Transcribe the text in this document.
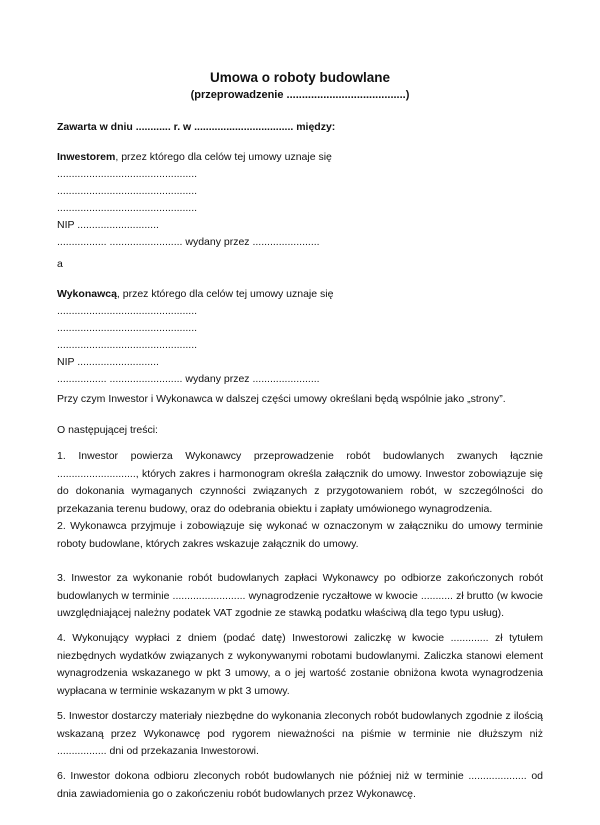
Umowa o roboty budowlane
(przeprowadzenie .......................................)
Zawarta w dniu ............ r. w .................................. między:
Inwestorem, przez którego dla celów tej umowy uznaje się
................................................
................................................
................................................
NIP ............................
................. ......................... wydany przez .......................
a
Wykonawcą, przez którego dla celów tej umowy uznaje się
................................................
................................................
................................................
NIP ............................
................. ......................... wydany przez .......................
Przy czym Inwestor i Wykonawca w dalszej części umowy określani będą wspólnie jako „strony”.
O następującej treści:
1. Inwestor powierza Wykonawcy przeprowadzenie robót budowlanych zwanych łącznie ..........................., których zakres i harmonogram określa załącznik do umowy. Inwestor zobowiązuje się do dokonania wymaganych czynności związanych z przygotowaniem robót, w szczególności do przekazania terenu budowy, oraz do odebrania obiektu i zapłaty umówionego wynagrodzenia.
2. Wykonawca przyjmuje i zobowiązuje się wykonać w oznaczonym w załączniku do umowy terminie roboty budowlane, których zakres wskazuje załącznik do umowy.
3. Inwestor za wykonanie robót budowlanych zapłaci Wykonawcy po odbiorze zakończonych robót budowlanych w terminie ......................... wynagrodzenie ryczałtowe w kwocie ........... zł brutto (w kwocie uwzględniającej należny podatek VAT zgodnie ze stawką podatku właściwą dla tego typu usług).
4. Wykonujący wypłaci z dniem (podać datę) Inwestorowi zaliczkę w kwocie ............. zł tytułem niezbędnych wydatków związanych z wykonywanymi robotami budowlanymi. Zaliczka stanowi element wynagrodzenia wskazanego w pkt 3 umowy, a o jej wartość zostanie obniżona kwota wynagrodzenia wypłacana w terminie wskazanym w pkt 3 umowy.
5. Inwestor dostarczy materiały niezbędne do wykonania zleconych robót budowlanych zgodnie z ilością wskazaną przez Wykonawcę pod rygorem nieważności na piśmie w terminie nie dłuższym niż ................. dni od przekazania Inwestorowi.
6. Inwestor dokona odbioru zleconych robót budowlanych nie później niż w terminie .................... od dnia zawiadomienia go o zakończeniu robót budowlanych przez Wykonawcę.
